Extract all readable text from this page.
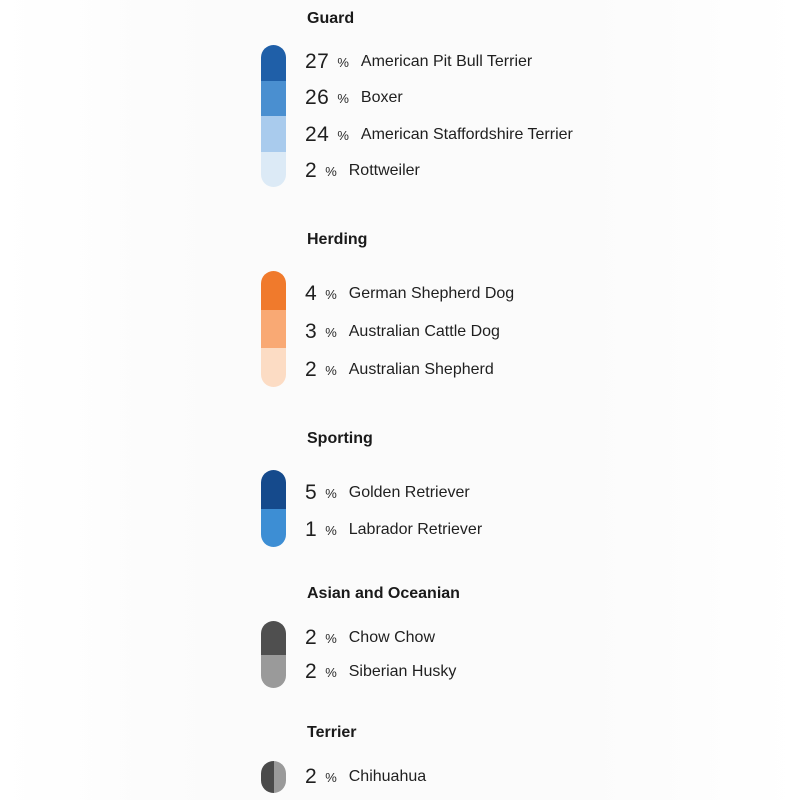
Guard
27 % American Pit Bull Terrier
26 % Boxer
24 % American Staffordshire Terrier
2 % Rottweiler
Herding
4 % German Shepherd Dog
3 % Australian Cattle Dog
2 % Australian Shepherd
Sporting
5 % Golden Retriever
1 % Labrador Retriever
Asian and Oceanian
2 % Chow Chow
2 % Siberian Husky
Terrier
2 % Chihuahua
